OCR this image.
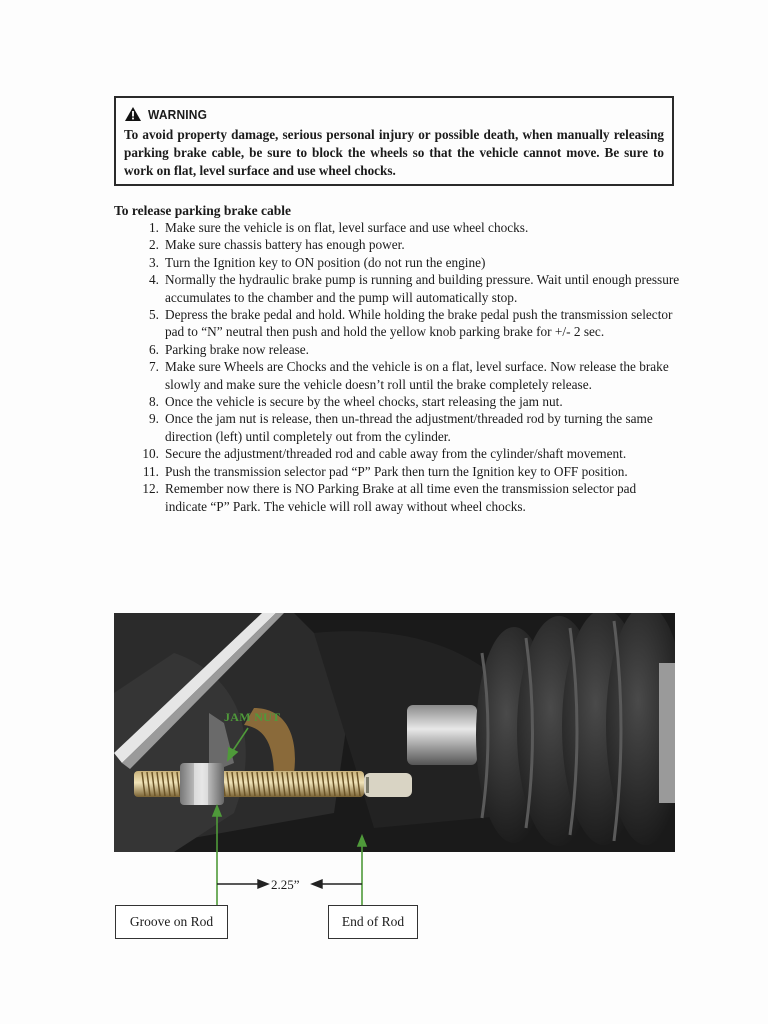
WARNING
To avoid property damage, serious personal injury or possible death, when manually releasing parking brake cable, be sure to block the wheels so that the vehicle cannot move. Be sure to work on flat, level surface and use wheel chocks.
To release parking brake cable
1. Make sure the vehicle is on flat, level surface and use wheel chocks.
2. Make sure chassis battery has enough power.
3. Turn the Ignition key to ON position (do not run the engine)
4. Normally the hydraulic brake pump is running and building pressure. Wait until enough pressure accumulates to the chamber and the pump will automatically stop.
5. Depress the brake pedal and hold. While holding the brake pedal push the transmission selector pad to “N” neutral then push and hold the yellow knob parking brake for +/- 2 sec.
6. Parking brake now release.
7. Make sure Wheels are Chocks and the vehicle is on a flat, level surface. Now release the brake slowly and make sure the vehicle doesn’t roll until the brake completely release.
8. Once the vehicle is secure by the wheel chocks, start releasing the jam nut.
9. Once the jam nut is release, then un-thread the adjustment/threaded rod by turning the same direction (left) until completely out from the cylinder.
10. Secure the adjustment/threaded rod and cable away from the cylinder/shaft movement.
11. Push the transmission selector pad “P” Park then turn the Ignition key to OFF position.
12. Remember now there is NO Parking Brake at all time even the transmission selector pad indicate “P” Park. The vehicle will roll away without wheel chocks.
JAM NUT
2.25”
Groove on Rod	End of Rod
